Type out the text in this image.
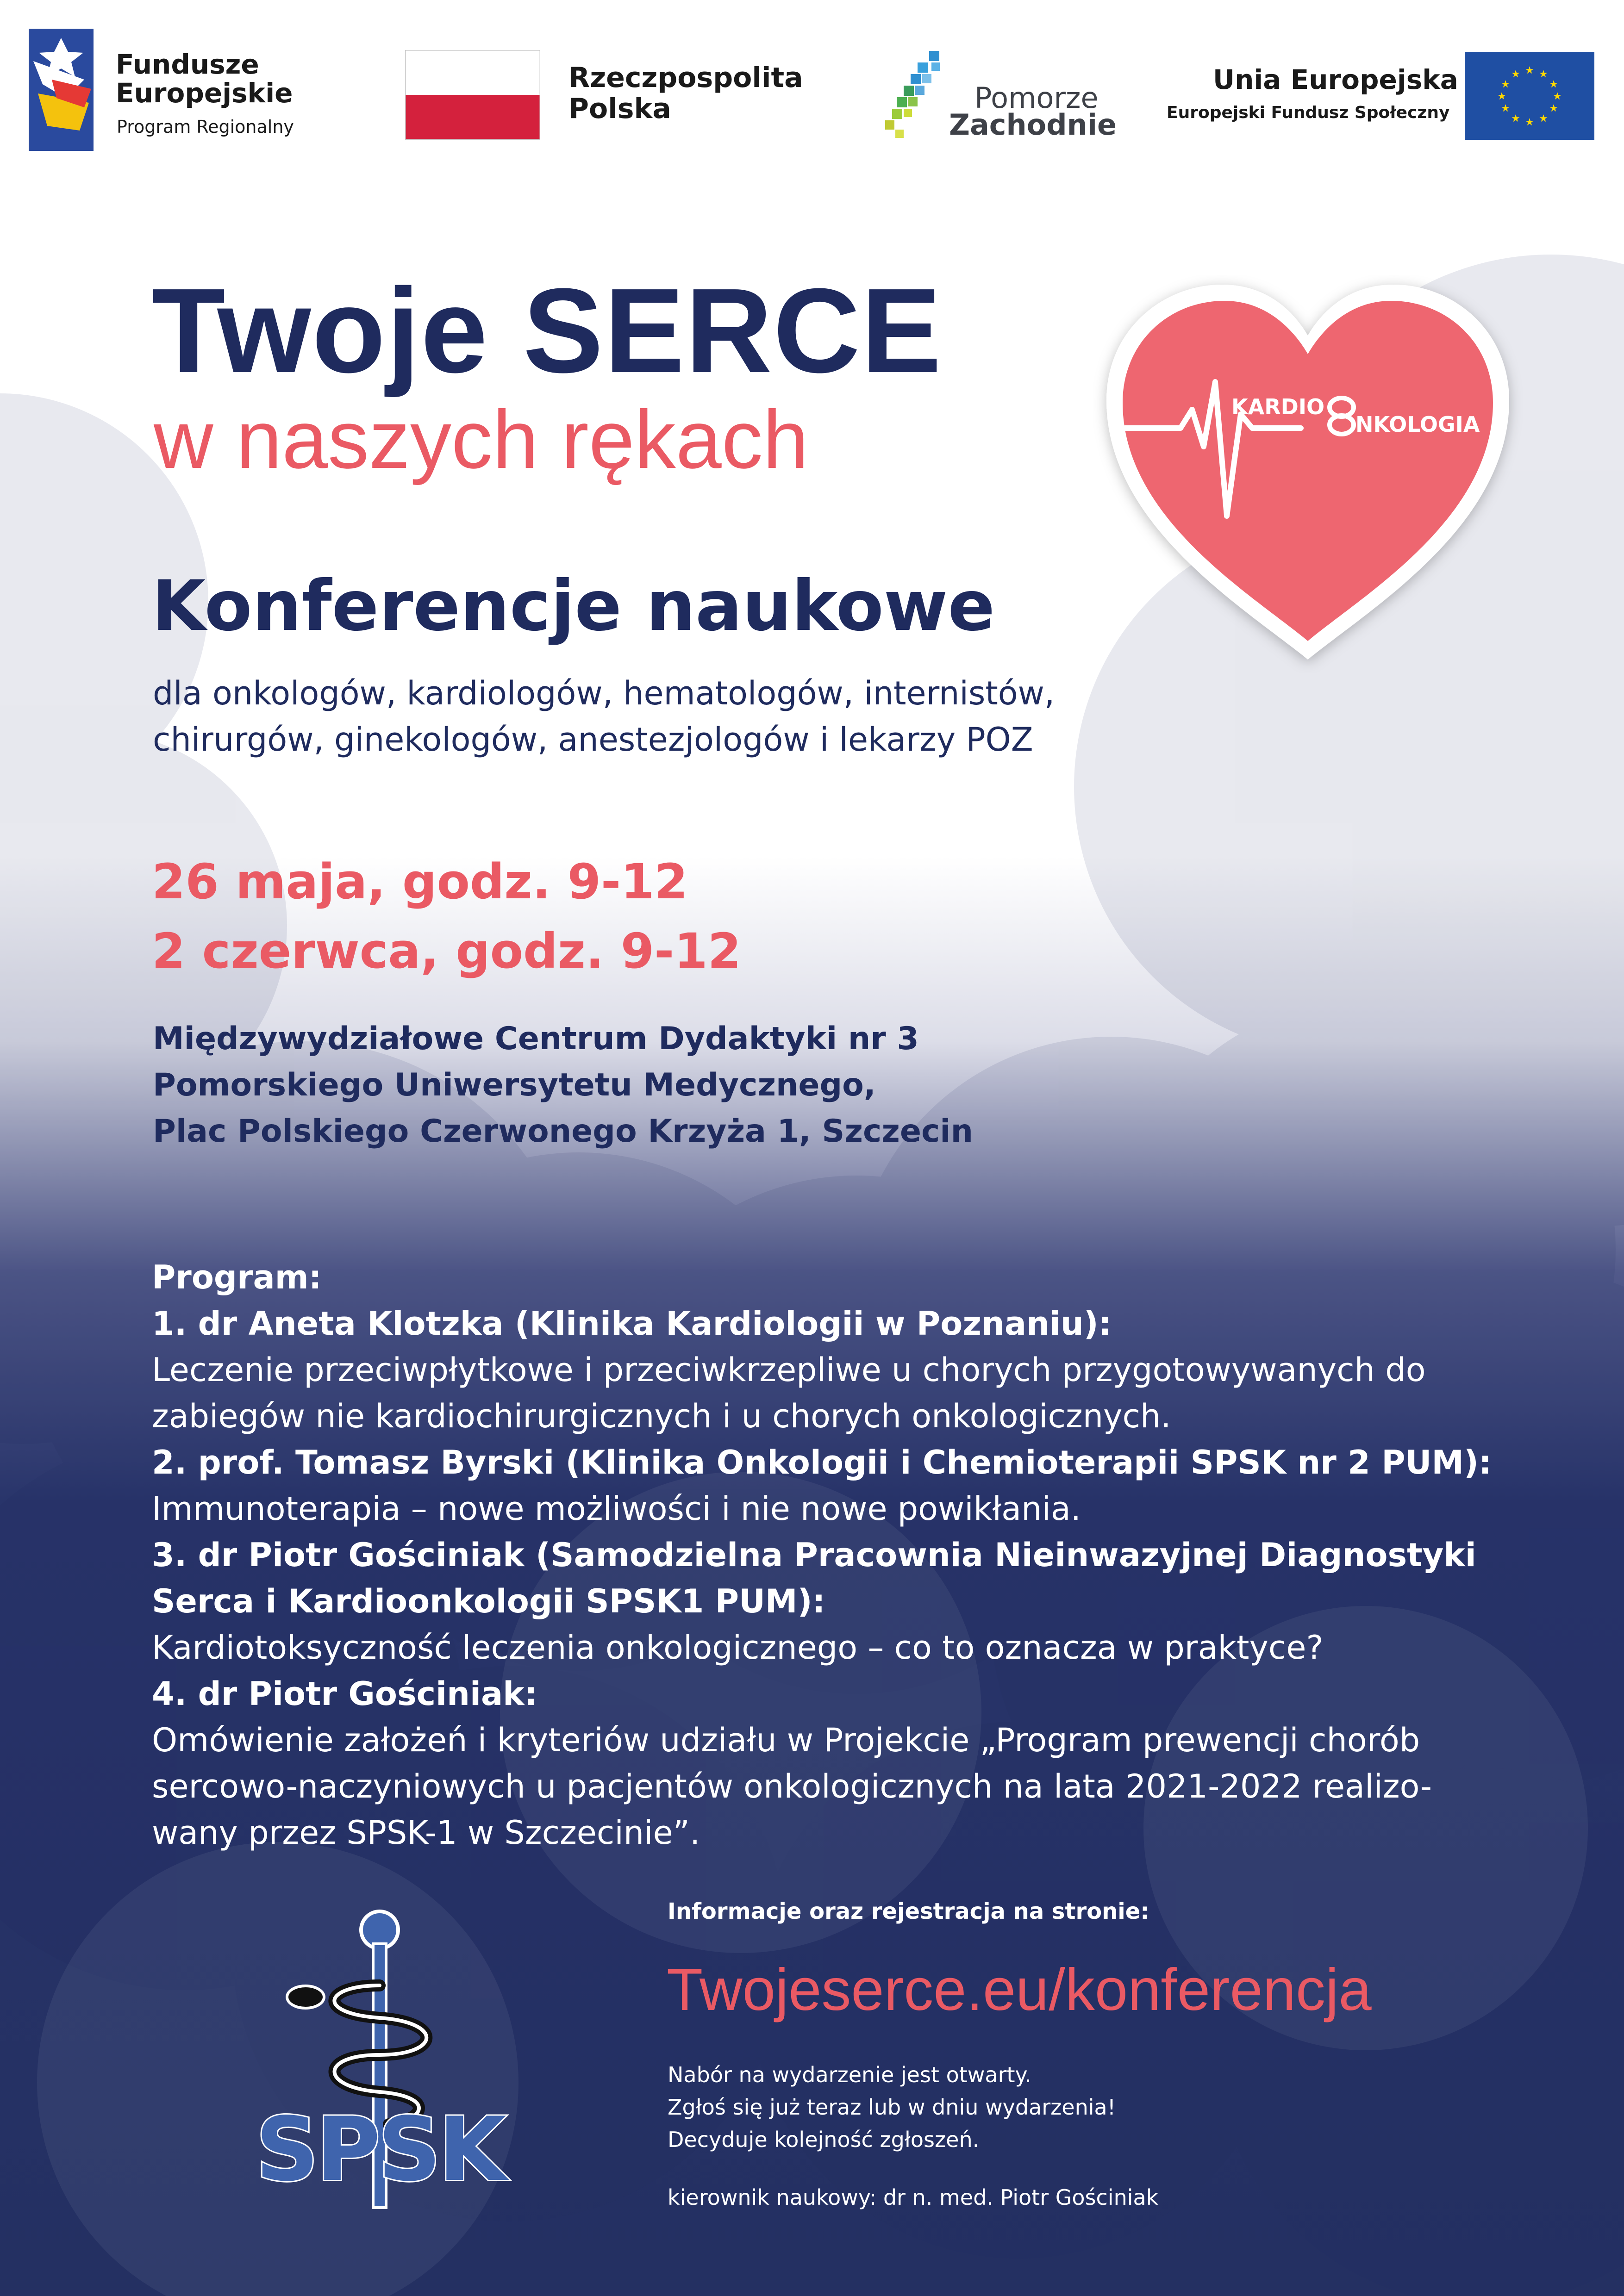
Fundusze
Europejskie
Program Regionalny
Rzeczpospolita
Polska	Pomorze
Zachodnie
Unia Europejska
Europejski Fundusz Społeczny
★ ★
★
★
★
★
★
★
★
★
★
★
Twoje SERCE
w naszych rękach	KARDIO
NKOLOGIA
Konferencje naukowe
dla onkologów, kardiologów, hematologów, internistów,
chirurgów, ginekologów, anestezjologów i lekarzy POZ
26 maja, godz. 9-12
2 czerwca, godz. 9-12
Międzywydziałowe Centrum Dydaktyki nr 3
Pomorskiego Uniwersytetu Medycznego,
Plac Polskiego Czerwonego Krzyża 1, Szczecin
Program:
1. dr Aneta Klotzka (Klinika Kardiologii w Poznaniu):
Leczenie przeciwpłytkowe i przeciwkrzepliwe u chorych przygotowywanych do
zabiegów nie kardiochirurgicznych i u chorych onkologicznych.
2. prof. Tomasz Byrski (Klinika Onkologii i Chemioterapii SPSK nr 2 PUM):
Immunoterapia – nowe możliwości i nie nowe powikłania.
3. dr Piotr Gościniak (Samodzielna Pracownia Nieinwazyjnej Diagnostyki
Serca i Kardioonkologii SPSK1 PUM):
Kardiotoksyczność leczenia onkologicznego – co to oznacza w praktyce?
4. dr Piotr Gościniak:
Omówienie założeń i kryteriów udziału w Projekcie „Program prewencji chorób
sercowo-naczyniowych u pacjentów onkologicznych na lata 2021-2022 realizo-
wany przez SPSK-1 w Szczecinie”.
SPSK
Informacje oraz rejestracja na stronie:
Twojeserce.eu/konferencja
Nabór na wydarzenie jest otwarty.
Zgłoś się już teraz lub w dniu wydarzenia!
Decyduje kolejność zgłoszeń.
kierownik naukowy: dr n. med. Piotr Gościniak
